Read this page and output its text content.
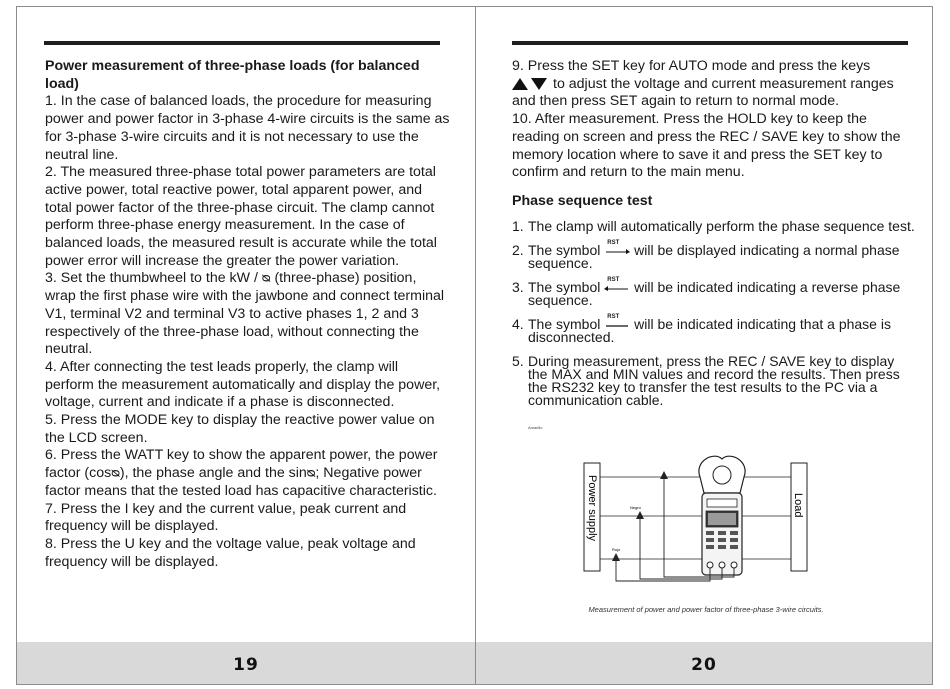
Power measurement of three-phase loads (for balanced load)

1. In the case of balanced loads, the procedure for measuring power and power factor in 3-phase 4-wire circuits is the same as for 3-phase 3-wire circuits and it is not necessary to use the neutral line.

2. The measured three-phase total power parameters are total active power, total reactive power, total apparent power, and total power factor of the three-phase circuit. The clamp cannot perform three-phase energy measurement. In the case of balanced loads, the measured result is accurate while the total power error will increase the greater the power variation.

3. Set the thumbwheel to the kW / ᴓ (three-phase) position, wrap the first phase wire with the jawbone and connect terminal V1, terminal V2 and terminal V3 to active phases 1, 2 and 3 respectively of the three-phase load, without connecting the neutral.

4. After connecting the test leads properly, the clamp will perform the measurement automatically and display the power, voltage, current and indicate if a phase is disconnected.

5. Press the MODE key to display the reactive power value on the LCD screen.

6. Press the WATT key to show the apparent power, the power factor (cosᴓ), the phase angle and the sinᴓ; Negative power factor means that the tested load has capacitive characteristic.

7. Press the I key and the current value, peak current and frequency will be displayed.

8. Press the U key and the voltage value, peak voltage and frequency will be displayed.

19

9. Press the SET key for AUTO mode and press the keys
to adjust the voltage and current measurement ranges and then press SET again to return to normal mode.

10. After measurement. Press the HOLD key to keep the reading on screen and press the REC / SAVE key to show the memory location where to save it and press the SET key to confirm and return to the main menu.

Phase sequence test
1. The clamp will automatically perform the phase sequence test.
2. The symbol RST will be displayed indicating a normal phase sequence.
3. The symbol RST will be indicated indicating a reverse phase sequence.
4. The symbol RST will be indicated indicating that a phase is disconnected.
5. During measurement, press the REC / SAVE key to display the MAX and MIN values and record the results. Then press the RS232 key to transfer the test results to the PC via a communication cable.
Amarillo
Power supply	Load
Negro
Rojo
Measurement of power and power factor of three-phase 3-wire circuits.
20
